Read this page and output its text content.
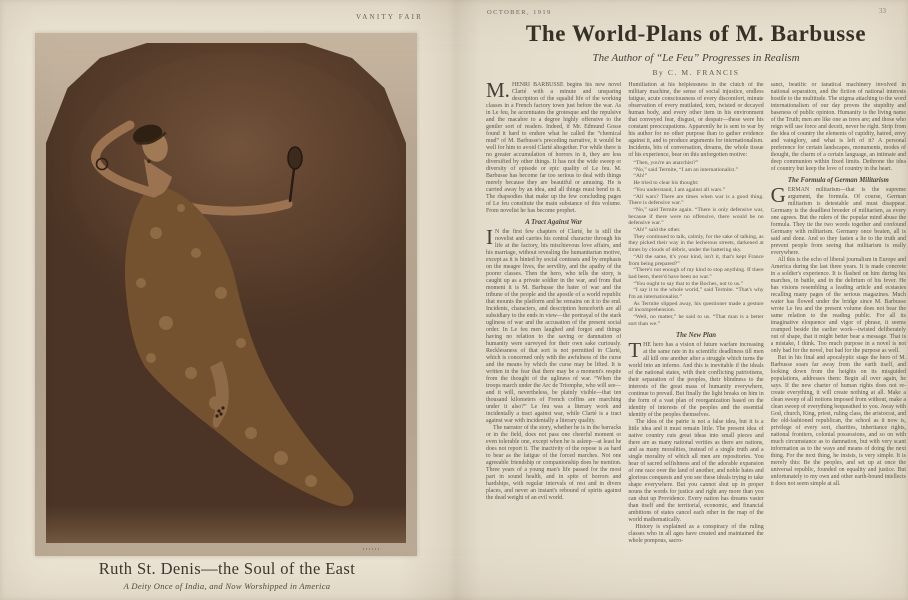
VANITY FAIR
Ruth St. Denis—the Soul of the East
A Deity Once of India, and Now Worshipped in America
OCTOBER, 1919	33
The World-Plans of M. Barbusse
The Author of “Le Feu” Progresses in Realism
By C. M. FRANCIS

M. HENRI BARBUSSE begins his new novel Clarté with a minute and unsparing description of the squalid life of the working classes in a French factory town just before the war. As in Le feu, he accentuates the grotesque and the repulsive and the macabre to a degree highly offensive to the gentler sort of readers. Indeed, if Mr. Edmund Gosse found it hard to endure what he called the “chemical mud” of M. Barbusse's preceding narrative, it would be well for him to avoid Clarté altogether. For while there is no greater accumulation of horrors in it, they are less diversified by other things. It has not the wide sweep or diversity of episode or epic quality of Le feu. M. Barbusse has become far too serious to deal with things merely because they are beautiful or amusing. He is carried away by an idea, and all things must bend to it. The rhapsodies that make up the few concluding pages of Le feu constitute the main substance of this volume. From novelist he has become prophet.

A Tract Against War

I N the first few chapters of Clarté, he is still the novelist and carries his central character through his life at the factory, his mischievous love affairs, and his marriage, without revealing the humanitarian motive, except as it is hinted by social contrasts and by emphasis on the meagre lives, the servility, and the apathy of the poorer classes. Then the hero, who tells the story, is caught up as a private soldier in the war, and from that moment it is M. Barbusse the hater of war and the tribune of the people and the apostle of a world republic that mounts the platform and he remains on it to the end. Incidents, characters, and description henceforth are all subsidiary to the ends in view—the portrayal of the stark ugliness of war and the accusation of the present social order. In Le feu men laughed and forgot and things having no relation to the saving or damnation of humanity were surveyed for their own sake curiously. Recklessness of that sort is not permitted in Clarté, which is concerned only with the awfulness of the curse and the means by which the curse may be lifted. It is written in the fear that there may be a moment's respite from the thought of the ugliness of war. “When the troops march under the Arc de Triomphe, who will see—and it will, nevertheless, be plainly visible—that ten thousand kilometers of French coffins are marching under it also?” Le feu was a literary work and incidentally a tract against war, while Clarté is a tract against war with incidentally a literary quality.

The narrator of the story, whether he is in the barracks or in the field, does not pass one cheerful moment or even tolerable one, except when he is asleep—at least he does not report it. The inactivity of the repose is as hard to bear as the fatigue of the forced marches. Not one agreeable friendship or companionship does he mention. Three years of a young man's life passed for the most part in sound health, and in spite of horrors and hardships, with regular intervals of rest and in divers places, and never an instant's rebound of spirits against the dead weight of an evil world.

Humiliation at his helplessness in the clutch of the military machine, the sense of social injustice, endless fatigue, acute consciousness of every discomfort, minute observation of every mutilated, torn, twisted or decayed human body, and every other item in his environment that conveyed fear, disgust, or despair—these were his constant preoccupations. Apparently he is sent to war by his author for no other purpose than to gather evidence against it, and to produce arguments for internationalism. Incidents, bits of conversation, dreams, the whole tissue of his experience, bear on this unforgotten motive:

“Then, you're an anarchist?”

“No,” said Termite, “I am an internationalist.”

“Ah!”

He tried to clear his thought:

“You understand, I am against all wars.”

“All wars? There are times when war is a good thing. There is defensive war.”

“No,” said Termite again. “There is only defensive war, because if there were no offensive, there would be no defensive war.”

“Ah!” said the other.

They continued to talk, calmly, for the sake of talking, as they picked their way in the lecherous streets, darkened at times by clouds of débris, under the battering sky.

“All the same, it's your kind, isn't it, that's kept France from being prepared?”

“There's not enough of my kind to stop anything. If there had been, there'd have been no war.”

“You ought to say that to the Boches, not to us.”

“I say it to the whole world,” said Termite. “That's why I'm an internationalist.”

As Termite slipped away, his questioner made a gesture of incomprehension.

“Well, no matter,” he said to us. “That man is a better sort than we.”

The New Plan

THE hero has a vision of future warfare increasing at the same rate in its scientific deadliness till men all kill one another after a struggle which turns the world into an inferno. And this is inevitable if the ideals of the national states, with their conflicting patriotisms, their separation of the peoples, their blindness to the interests of the great mass of humanity everywhere, continue to prevail. But finally the light breaks on him in the form of a vast plan of reorganization based on the identity of interests of the peoples and the essential identity of the peoples themselves.

The idea of the patrie is not a false idea, but it is a little idea and it must remain little. The present idea of native country cuts great ideas into small pieces and there are as many national verities as there are nations, and as many moralities, instead of a single truth and a single morality of which all men are repositories. You hear of sacred selfishness and of the adorable expansion of one race over the land of another, and noble hates and glorious conquests and you see these ideals trying to take shape everywhere. But you cannot shut up in proper nouns the words for justice and right any more than you can shut up Providence. Every nation has dreams vaster than itself and the territorial, economic, and financial ambitions of states cancel each other in the map of the world mathematically.

History is explained as a conspiracy of the ruling classes who in all ages have created and maintained the whole pompous, sacro-

sanct, beatific or fanatical machinery involved in national separation, and the fiction of national interests hostile to the multitude. The stigma attaching to the word internationalism of our day proves the stupidity and baseness of public opinion. Humanity is the living name of the Truth; men are like one as trees are; and those who reign will use force and deceit, never be right. Strip from the idea of country the elements of cupidity, hatred, envy and vainglory, and what is left of it? A personal preference for certain landscapes, monuments, modes of thought, the charm of a certain language, an intimate and deep communion within fixed limits. Dethrone the idea of country but keep the love of country in the heart.

The Formula of German Militarism

GERMAN militarism—that is the supreme argument, the formula. Of course, German militarism is detestable and must disappear. Germany is the deadliest breeder of militarism, as every one agrees. But the rulers of the popular mind abuse the formula. They tie the two words together and confound Germany with militarism. Germany once beaten, all is said and done. And so they fasten a lie to the truth and prevent people from seeing that militarism is really everywhere.

All this is the echo of liberal journalism in Europe and America during the last three years. It is made concrete in a soldier's experience. It is flashed on him during his marches, in battle, and in the delirium of his fever. He has visions resembling a leading article and ecstasies recalling many pages of the serious magazines. Much water has flowed under the bridge since M. Barbusse wrote Le feu and the present volume does not bear the same relation to the reading public. For all its imaginative eloquence and vigor of phrase, it seems cramped beside the earlier work—twisted deliberately out of shape, that it might better bear a message. That is a mistake, I think. Too much purpose in a novel is not only bad for the novel, but bad for the purpose as well.

But in his final and apocalyptic stage the hero of M. Barbusse soars far away from the earth itself, and looking down from the heights on its misguided populations, addresses them: Begin all over again, he says. If the new charter of human rights does not re-create everything, it will create nothing at all. Make a clean sweep of all notions imposed from without, make a clean sweep of everything bequeathed to you. Away with God, church, King, priest, ruling class, the aristocrat, and the old-fashioned republican, the school as it now is, privilege of every sort, charities, inheritance rights, national frontiers, colonial possessions, and so on with much circumstance as to damnation, but with very scant information as to the ways and means of doing the next thing. For the next thing, he insists, is very simple. It is merely this: Be the peoples, and set up at once the universal republic, founded on equality and justice. But unfortunately to my own and other earth-bound intellects it does not seem simple at all.
